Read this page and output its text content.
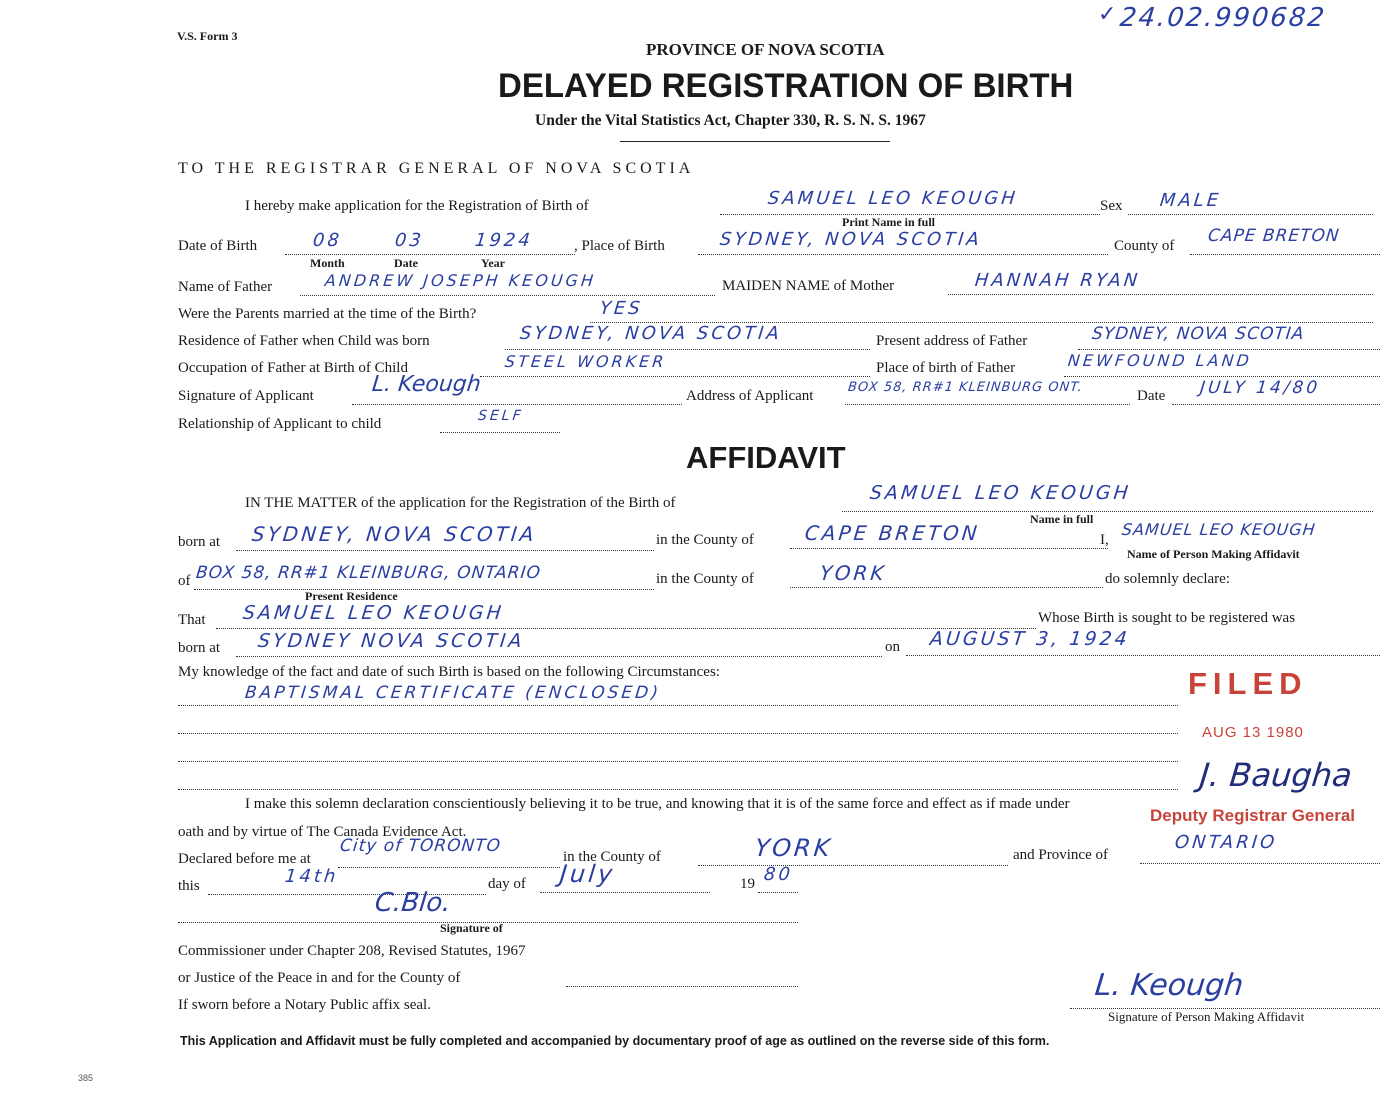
V.S. Form 3
24.02.990682
✓
PROVINCE OF NOVA SCOTIA
DELAYED REGISTRATION OF BIRTH
Under the Vital Statistics Act, Chapter 330, R. S. N. S. 1967
TO THE REGISTRAR GENERAL OF NOVA SCOTIA
I hereby make application for the Registration of Birth of	SAMUEL LEO KEOUGH	Sex MALE
Print Name in full
Date of Birth	08	03	1924
Month	Date	Year
, Place of Birth	SYDNEY, NOVA SCOTIA	County of CAPE BRETON
Name of Father	ANDREW JOSEPH KEOUGH	MAIDEN NAME of Mother	HANNAH RYAN
Were the Parents married at the time of the Birth?	YES
Residence of Father when Child was born	SYDNEY, NOVA SCOTIA	Present address of Father	SYDNEY, NOVA SCOTIA
Occupation of Father at Birth of Child	STEEL WORKER	Place of birth of Father	NEWFOUND LAND
Signature of Applicant	L. Keough	Address of Applicant
BOX 58, RR#1 KLEINBURG ONT.
Date JULY 14/80
Relationship of Applicant to child	SELF
AFFIDAVIT
IN THE MATTER of the application for the Registration of the Birth of	SAMUEL LEO KEOUGH
Name in full
born at SYDNEY, NOVA SCOTIA	in the County of CAPE BRETON	I,
SAMUEL LEO KEOUGH
Name of Person Making Affidavit
of BOX 58, RR#1 KLEINBURG, ONTARIO
Present Residence
in the County of	YORK	do solemnly declare:
That SAMUEL LEO KEOUGH	Whose Birth is sought to be registered was
born at SYDNEY NOVA SCOTIA	on AUGUST 3, 1924
My knowledge of the fact and date of such Birth is based on the following Circumstances:
BAPTISMAL CERTIFICATE (ENCLOSED)
I make this solemn declaration conscientiously believing it to be true, and knowing that it is of the same force and effect as if made under
oath and by virtue of The Canada Evidence Act.
Declared before me at
City of TORONTO
in the County of	YORK	and Province of
ONTARIO
this	14th	day of July	19 80
C.Blo.
Signature of
Commissioner under Chapter 208, Revised Statutes, 1967
or Justice of the Peace in and for the County of
If sworn before a Notary Public affix seal.
L. Keough
Signature of Person Making Affidavit
FILED
AUG 13 1980
J. Baugha
Deputy Registrar General
This Application and Affidavit must be fully completed and accompanied by documentary proof of age as outlined on the reverse side of this form.
385
